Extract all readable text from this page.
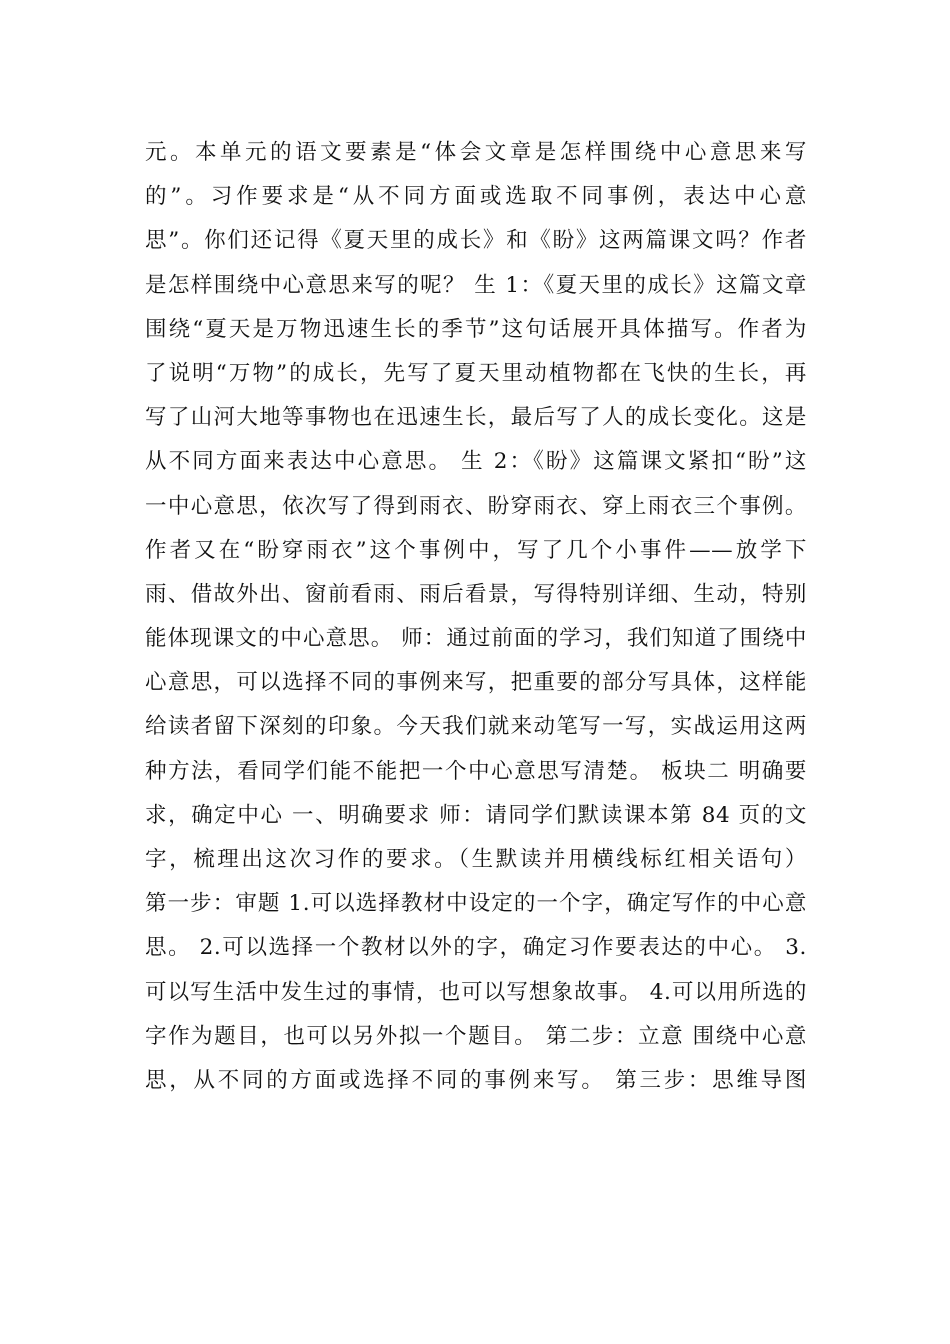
元。本单元的语文要素是“体会文章是怎样围绕中心意思来写
的”。习作要求是“从不同方面或选取不同事例，表达中心意
思”。你们还记得《夏天里的成长》和《盼》这两篇课文吗？作者
是怎样围绕中心意思来写的呢？ 生 1：《夏天里的成长》这篇文章
围绕“夏天是万物迅速生长的季节”这句话展开具体描写。作者为
了说明“万物”的成长，先写了夏天里动植物都在飞快的生长，再
写了山河大地等事物也在迅速生长，最后写了人的成长变化。这是
从不同方面来表达中心意思。 生 2：《盼》这篇课文紧扣“盼”这
一中心意思，依次写了得到雨衣、盼穿雨衣、穿上雨衣三个事例。
作者又在“盼穿雨衣”这个事例中，写了几个小事件——放学下
雨、借故外出、窗前看雨、雨后看景，写得特别详细、生动，特别
能体现课文的中心意思。 师：通过前面的学习，我们知道了围绕中
心意思，可以选择不同的事例来写，把重要的部分写具体，这样能
给读者留下深刻的印象。今天我们就来动笔写一写，实战运用这两
种方法，看同学们能不能把一个中心意思写清楚。 板块二 明确要
求，确定中心 一、明确要求 师：请同学们默读课本第 84 页的文
字，梳理出这次习作的要求。（生默读并用横线标红相关语句）
第一步：审题 1.可以选择教材中设定的一个字，确定写作的中心意
思。 2.可以选择一个教材以外的字，确定习作要表达的中心。 3.
可以写生活中发生过的事情，也可以写想象故事。 4.可以用所选的
字作为题目，也可以另外拟一个题目。 第二步：立意 围绕中心意
思，从不同的方面或选择不同的事例来写。 第三步：思维导图
